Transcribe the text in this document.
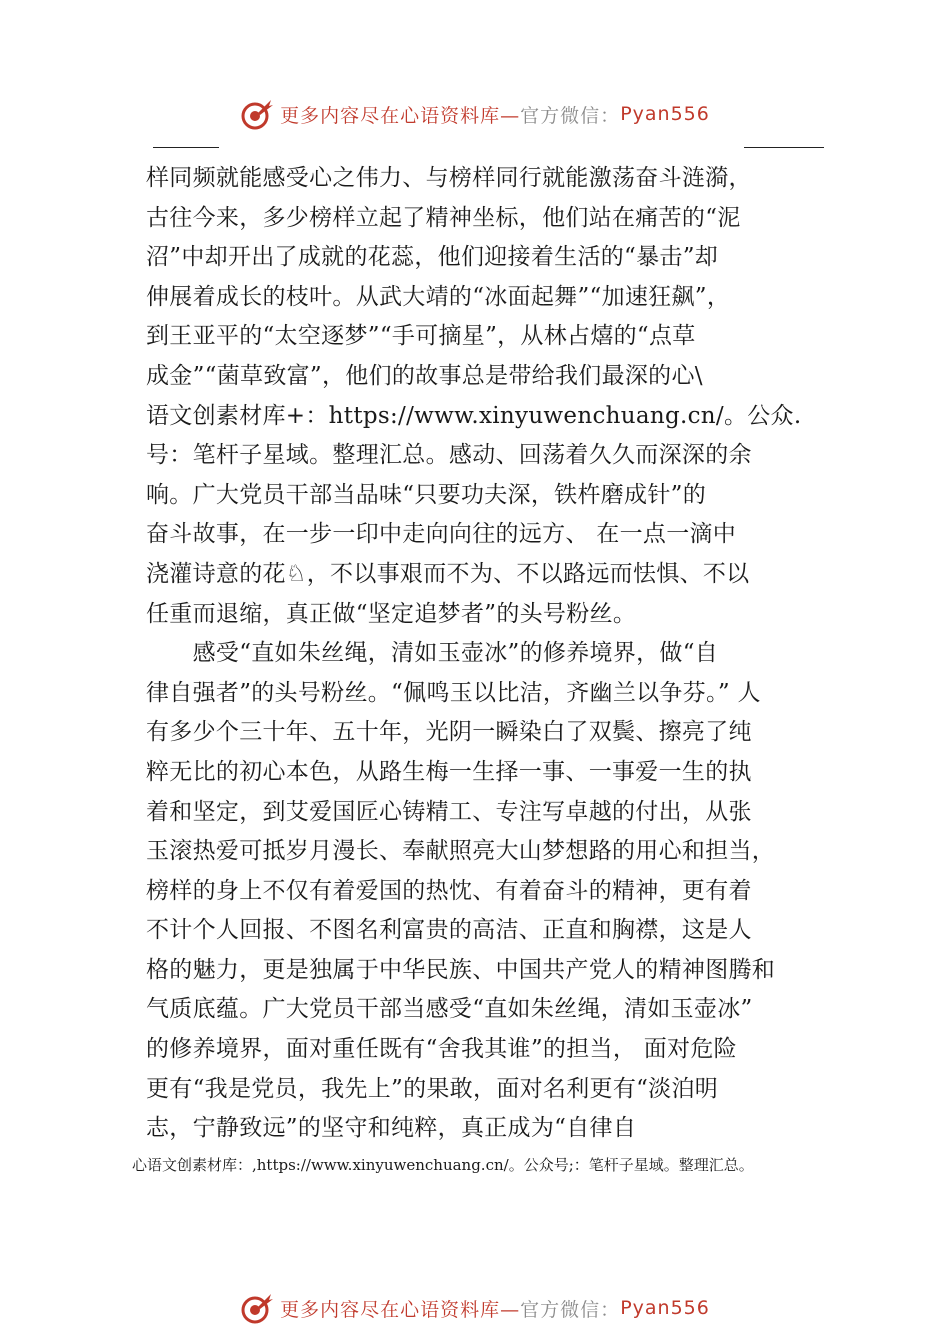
更多内容尽在心语资料库— 官方微信： Pyan556
样同频就能感受心之伟力、与榜样同行就能激荡奋斗涟漪，
古往今来，多少榜样立起了精神坐标，他们站在痛苦的“泥
沼”中却开出了成就的花蕊，他们迎接着生活的“暴击”却
伸展着成长的枝叶。从武大靖的“冰面起舞”“加速狂飙”，
到王亚平的“太空逐梦”“手可摘星”，从林占熺的“点草
成金”“菌草致富”，他们的故事总是带给我们最深的心\
语文创素材库+：https://www.xinyuwenchuang.cn/。公众.
号：笔杆子星域。整理汇总。感动、回荡着久久而深深的余
响。广大党员干部当品味“只要功夫深，铁杵磨成针”的
奋斗故事，在一步一印中走向向往的远方、 在一点一滴中
浇灌诗意的花♘，不以事艰而不为、不以路远而怯惧、不以
任重而退缩，真正做“坚定追梦者”的头号粉丝。
　　感受“直如朱丝绳，清如玉壶冰”的修养境界，做“自
律自强者”的头号粉丝。“佩鸣玉以比洁，齐幽兰以争芬。” 人
有多少个三十年、五十年，光阴一瞬染白了双鬓、擦亮了纯
粹无比的初心本色，从路生梅一生择一事、一事爱一生的执
着和坚定，到艾爱国匠心铸精工、专注写卓越的付出，从张
玉滚热爱可抵岁月漫长、奉献照亮大山梦想路的用心和担当，
榜样的身上不仅有着爱国的热忱、有着奋斗的精神，更有着
不计个人回报、不图名利富贵的高洁、正直和胸襟，这是人
格的魅力，更是独属于中华民族、中国共产党人的精神图腾和
气质底蕴。广大党员干部当感受“直如朱丝绳，清如玉壶冰”
的修养境界，面对重任既有“舍我其谁”的担当， 面对危险
更有“我是党员，我先上”的果敢，面对名利更有“淡泊明
志，宁静致远”的坚守和纯粹，真正成为“自律自
心语文创素材库：,https://www.xinyuwenchuang.cn/。公众号;：笔杆子星域。整理汇总。
更多内容尽在心语资料库— 官方微信： Pyan556
